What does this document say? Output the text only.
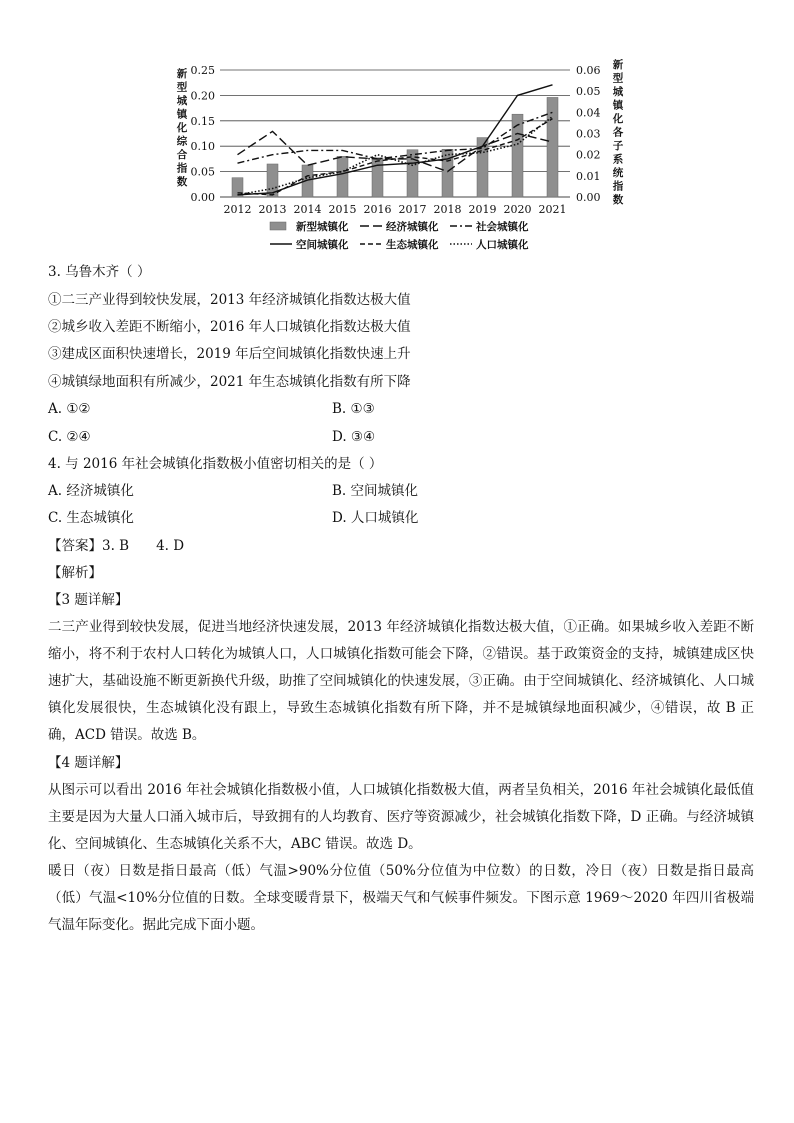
0.00
0.05
0.10
0.15
0.20
0.25
0.00
0.01
0.02
0.03
0.04
0.05
0.06
2012 2013 2014 2015 2016 2017 2018 2019 2020 2021
新
型
城
镇
化
综
合
指
数
新
型
城
镇
化
各
子
系
统
指
数
新型城镇化	经济城镇化	社会城镇化
空间城镇化	生态城镇化	人口城镇化
3. 乌鲁木齐（ ）
①二三产业得到较快发展，2013 年经济城镇化指数达极大值
②城乡收入差距不断缩小，2016 年人口城镇化指数达极大值
③建成区面积快速增长，2019 年后空间城镇化指数快速上升
④城镇绿地面积有所减少，2021 年生态城镇化指数有所下降
A. ①②	B. ①③
C. ②④	D. ③④
4. 与 2016 年社会城镇化指数极小值密切相关的是（ ）
A. 经济城镇化	B. 空间城镇化
C. 生态城镇化	D. 人口城镇化
【答案】3. B　　4. D
【解析】
【3 题详解】
二三产业得到较快发展，促进当地经济快速发展，2013 年经济城镇化指数达极大值，①正确。如果城乡收入差距不断缩小，将不利于农村人口转化为城镇人口，人口城镇化指数可能会下降，②错误。基于政策资金的支持，城镇建成区快速扩大，基础设施不断更新换代升级，助推了空间城镇化的快速发展，③正确。由于空间城镇化、经济城镇化、人口城镇化发展很快，生态城镇化没有跟上，导致生态城镇化指数有所下降，并不是城镇绿地面积减少，④错误，故 B 正确，ACD 错误。故选 B。
【4 题详解】
从图示可以看出 2016 年社会城镇化指数极小值，人口城镇化指数极大值，两者呈负相关，2016 年社会城镇化最低值主要是因为大量人口涌入城市后，导致拥有的人均教育、医疗等资源减少，社会城镇化指数下降，D 正确。与经济城镇化、空间城镇化、生态城镇化关系不大，ABC 错误。故选 D。
暖日（夜）日数是指日最高（低）气温>90%分位值（50%分位值为中位数）的日数，冷日（夜）日数是指日最高（低）气温<10%分位值的日数。全球变暖背景下，极端天气和气候事件频发。下图示意 1969～2020 年四川省极端气温年际变化。据此完成下面小题。
